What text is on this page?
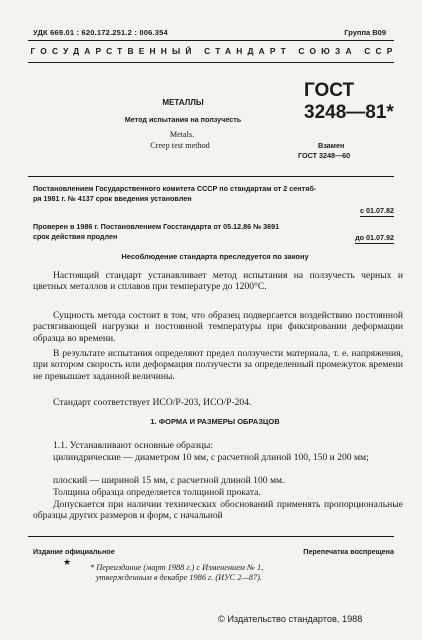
УДК 669.01 : 620.172.251.2 : 006.354	Группа В09
ГОСУДАРСТВЕННЫЙ СТАНДАРТ СОЮЗА ССР
МЕТАЛЛЫ
Метод испытания на ползучесть
Metals.
Creep test method
ГОСТ
3248—81*
Взамен
ГОСТ 3248—60
Постановлением Государственного комитета СССР по стандартам от 2 сентяб-
ря 1981 г. № 4137 срок введения установлен
с 01.07.82
Проверен в 1986 г. Постановлением Госстандарта от 05.12.86 № 3691
срок действия продлен	до 01.07.92
Несоблюдение стандарта преследуется по закону
Настоящий стандарт устанавливает метод испытания на ползучесть черных и цветных металлов и сплавов при температуре до 1200°С.
Сущность метода состоит в том, что образец подвергается воздействию постоянной растягивающей нагрузки и постоянной температуры при фиксировании деформации образца во времени.
В результате испытания определяют предел ползучести материала, т. е. напряжения, при котором скорость или деформация ползучести за определенный промежуток времени не превышает заданной величины.
Стандарт соответствует ИСО/Р-203, ИСО/Р-204.
1. ФОРМА И РАЗМЕРЫ ОБРАЗЦОВ
1.1. Устанавливают основные образцы:
цилиндрические — диаметром 10 мм, с расчетной длиной 100, 150 и 200 мм;
плоский — шириной 15 мм, с расчетной длиной 100 мм.
Толщина образца определяется толщиной проката.
Допускается при наличии технических обоснований применять пропорциональные образцы других размеров и форм, с начальной
Издание официальное	Перепечатка воспрещена
★
* Переиздание (март 1988 г.) с Изменением № 1,
утвержденным в декабре 1986 г. (ИУС 2—87).
© Издательство стандартов, 1988
